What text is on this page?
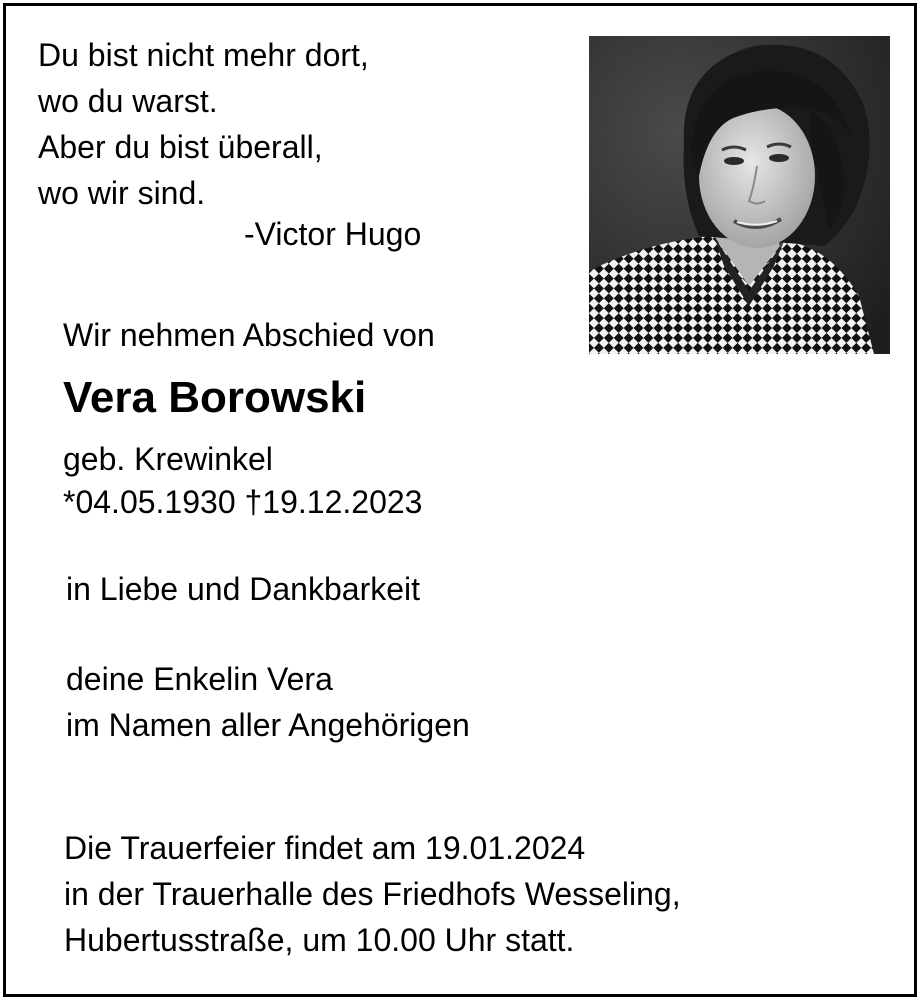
Du bist nicht mehr dort,
wo du warst.
Aber du bist überall,
wo wir sind.
-Victor Hugo
Wir nehmen Abschied von
Vera Borowski
geb. Krewinkel
*04.05.1930 †19.12.2023
in Liebe und Dankbarkeit
deine Enkelin Vera
im Namen aller Angehörigen
Die Trauerfeier findet am 19.01.2024
in der Trauerhalle des Friedhofs Wesseling,
Hubertusstraße, um 10.00 Uhr statt.
